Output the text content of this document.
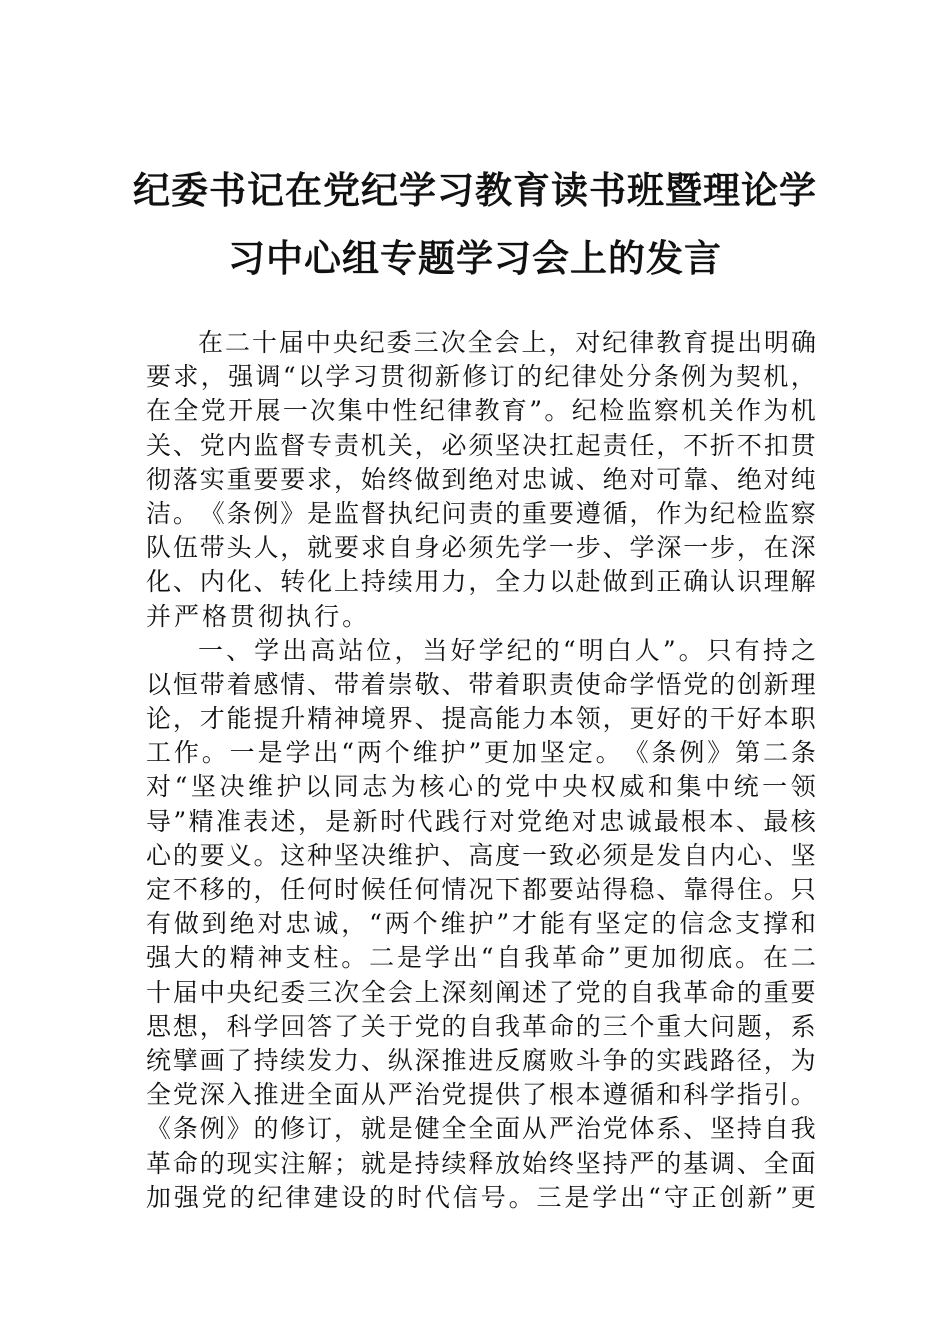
纪委书记在党纪学习教育读书班暨理论学
习中心组专题学习会上的发言
在 二 十 届 中 央 纪 委 三 次 全 会 上 ， 对 纪 律 教 育 提 出 明 确
要 求 ， 强 调 “ 以 学 习 贯 彻 新 修 订 的 纪 律 处 分 条 例 为 契 机 ，
在 全 党 开 展 一 次 集 中 性 纪 律 教 育 ” 。 纪 检 监 察 机 关 作 为 机
关 、 党 内 监 督 专 责 机 关 ， 必 须 坚 决 扛 起 责 任 ， 不 折 不 扣 贯
彻 落 实 重 要 要 求 ， 始 终 做 到 绝 对 忠 诚 、 绝 对 可 靠 、 绝 对 纯
洁 。 《 条 例 》 是 监 督 执 纪 问 责 的 重 要 遵 循 ， 作 为 纪 检 监 察
队 伍 带 头 人 ， 就 要 求 自 身 必 须 先 学 一 步 、 学 深 一 步 ， 在 深
化 、 内 化 、 转 化 上 持 续 用 力 ， 全 力 以 赴 做 到 正 确 认 识 理 解
并 严 格 贯 彻 执 行 。
一 、 学 出 高 站 位 ， 当 好 学 纪 的 “ 明 白 人 ” 。 只 有 持 之
以 恒 带 着 感 情 、 带 着 崇 敬 、 带 着 职 责 使 命 学 悟 党 的 创 新 理
论 ， 才 能 提 升 精 神 境 界 、 提 高 能 力 本 领 ， 更 好 的 干 好 本 职
工 作 。 一 是 学 出 “ 两 个 维 护 ” 更 加 坚 定 。 《 条 例 》 第 二 条
对 “ 坚 决 维 护 以 同 志 为 核 心 的 党 中 央 权 威 和 集 中 统 一 领
导 ” 精 准 表 述 ， 是 新 时 代 践 行 对 党 绝 对 忠 诚 最 根 本 、 最 核
心 的 要 义 。 这 种 坚 决 维 护 、 高 度 一 致 必 须 是 发 自 内 心 、 坚
定 不 移 的 ， 任 何 时 候 任 何 情 况 下 都 要 站 得 稳 、 靠 得 住 。 只
有 做 到 绝 对 忠 诚 ， “ 两 个 维 护 ” 才 能 有 坚 定 的 信 念 支 撑 和
强 大 的 精 神 支 柱 。 二 是 学 出 “ 自 我 革 命 ” 更 加 彻 底 。 在 二
十 届 中 央 纪 委 三 次 全 会 上 深 刻 阐 述 了 党 的 自 我 革 命 的 重 要
思 想 ， 科 学 回 答 了 关 于 党 的 自 我 革 命 的 三 个 重 大 问 题 ， 系
统 擘 画 了 持 续 发 力 、 纵 深 推 进 反 腐 败 斗 争 的 实 践 路 径 ， 为
全 党 深 入 推 进 全 面 从 严 治 党 提 供 了 根 本 遵 循 和 科 学 指 引 。
《 条 例 》 的 修 订 ， 就 是 健 全 全 面 从 严 治 党 体 系 、 坚 持 自 我
革 命 的 现 实 注 解 ； 就 是 持 续 释 放 始 终 坚 持 严 的 基 调 、 全 面
加 强 党 的 纪 律 建 设 的 时 代 信 号 。 三 是 学 出 “ 守 正 创 新 ” 更
